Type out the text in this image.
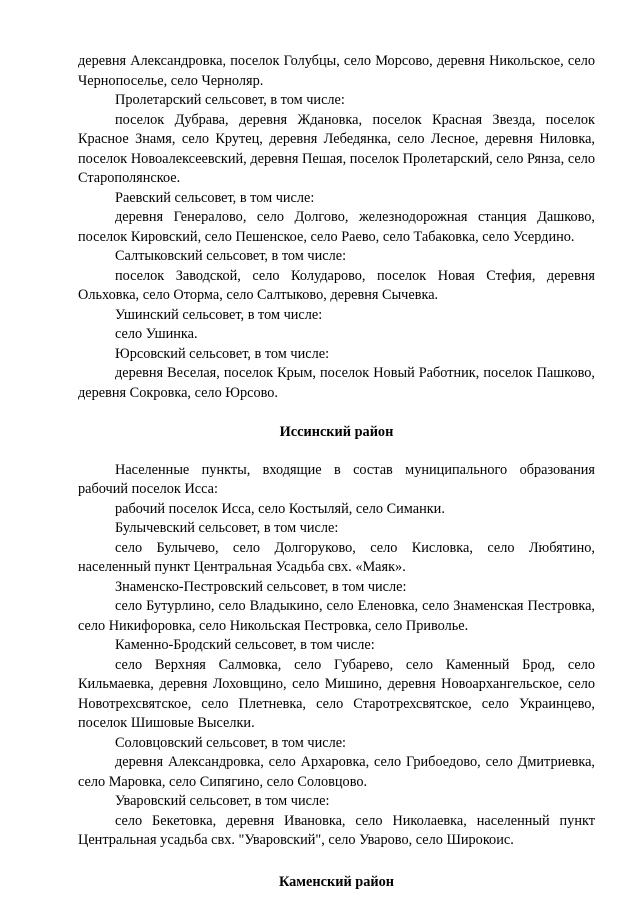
деревня Александровка, поселок Голубцы, село Морсово, деревня Никольское, село Чернопоселье, село Черноляр.

Пролетарский сельсовет, в том числе:

поселок Дубрава, деревня Ждановка, поселок Красная Звезда, поселок Красное Знамя, село Крутец, деревня Лебедянка, село Лесное, деревня Ниловка, поселок Новоалексеевский, деревня Пешая, поселок Пролетарский, село Рянза, село Старополянское.

Раевский сельсовет, в том числе:

деревня Генералово, село Долгово, железнодорожная станция Дашково, поселок Кировский, село Пешенское, село Раево, село Табаковка, село Усердино.

Салтыковский сельсовет, в том числе:

поселок Заводской, село Колударово, поселок Новая Стефия, деревня Ольховка, село Оторма, село Салтыково, деревня Сычевка.

Ушинский сельсовет, в том числе:

село Ушинка.

Юрсовский сельсовет, в том числе:

деревня Веселая, поселок Крым, поселок Новый Работник, поселок Пашково, деревня Сокровка, село Юрсово.

Иссинский район

Населенные пункты, входящие в состав муниципального образования рабочий поселок Исса:

рабочий поселок Исса, село Костыляй, село Симанки.

Булычевский сельсовет, в том числе:

село Булычево, село Долгоруково, село Кисловка, село Любятино, населенный пункт Центральная Усадьба свх. «Маяк».

Знаменско-Пестровский сельсовет, в том числе:

село Бутурлино, село Владыкино, село Еленовка, село Знаменская Пестровка, село Никифоровка, село Никольская Пестровка, село Приволье.

Каменно-Бродский сельсовет, в том числе:

село Верхняя Салмовка, село Губарево, село Каменный Брод, село Кильмаевка, деревня Лоховщино, село Мишино, деревня Новоархангельское, село Новотрехсвятское, село Плетневка, село Старотрехсвятское, село Украинцево, поселок Шишовые Выселки.

Соловцовский сельсовет, в том числе:

деревня Александровка, село Архаровка, село Грибоедово, село Дмитриевка, село Маровка, село Сипягино, село Соловцово.

Уваровский сельсовет, в том числе:

село Бекетовка, деревня Ивановка, село Николаевка, населенный пункт Центральная усадьба свх. "Уваровский", село Уварово, село Широкоис.

Каменский район
